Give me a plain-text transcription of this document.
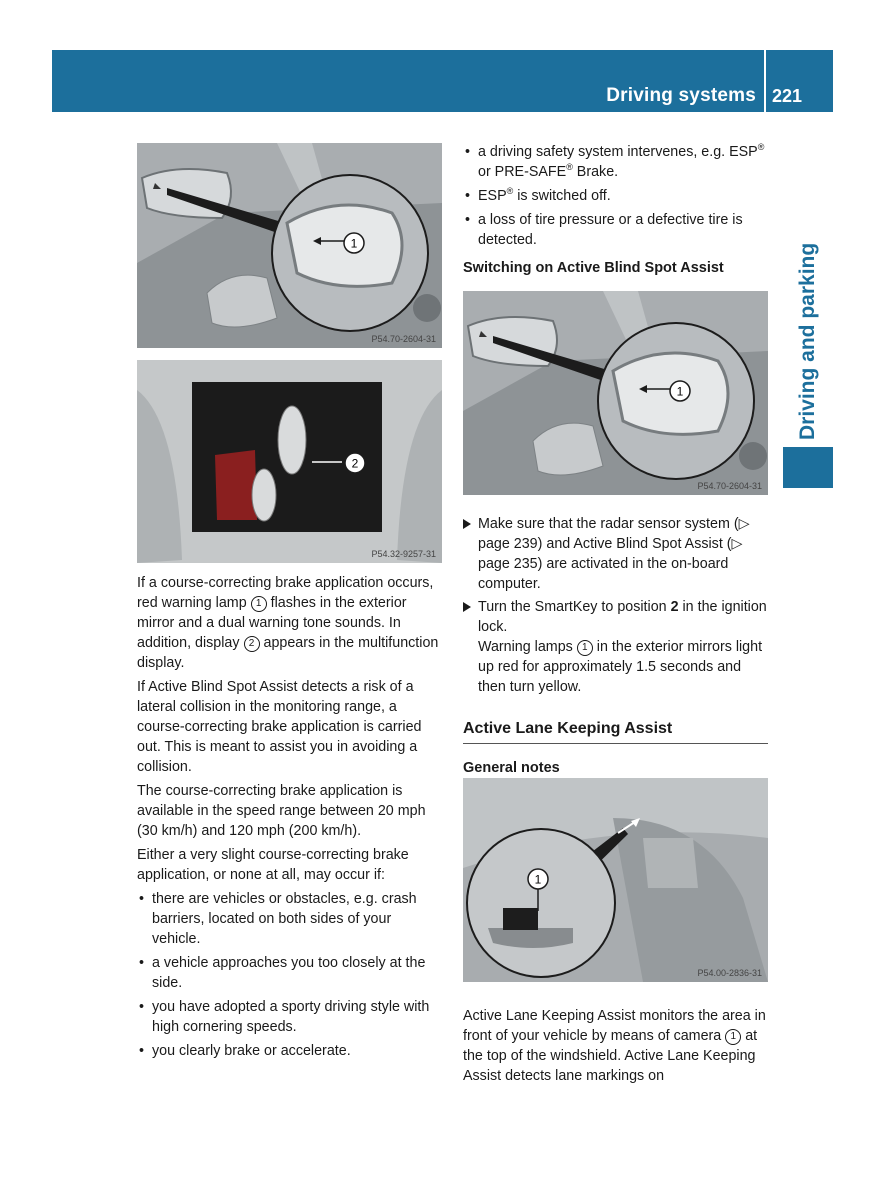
Driving systems 221
Driving and parking
1
P54.70-2604-31
2
P54.32-9257-31
1
P54.70-2604-31
1
P54.00-2836-31

If a course-correcting brake application occurs, red warning lamp 1 flashes in the exterior mirror and a dual warning tone sounds. In addition, display 2 appears in the multifunction display.

If Active Blind Spot Assist detects a risk of a lateral collision in the monitoring range, a course-correcting brake application is carried out. This is meant to assist you in avoiding a collision.

The course-correcting brake application is available in the speed range between 20 mph (30 km/h) and 120 mph (200 km/h).

Either a very slight course-correcting brake application, or none at all, may occur if:

• there are vehicles or obstacles, e.g. crash barriers, located on both sides of your vehicle.
• a vehicle approaches you too closely at the side.
• you have adopted a sporty driving style with high cornering speeds.
• you clearly brake or accelerate.
• a driving safety system intervenes, e.g. ESP® or PRE-SAFE® Brake.
• ESP® is switched off.
• a loss of tire pressure or a defective tire is detected.
Switching on Active Blind Spot Assist
Make sure that the radar sensor system (▷ page 239) and Active Blind Spot Assist (▷ page 235) are activated in the on-board computer.
Turn the SmartKey to position 2 in the ignition lock.
Warning lamps 1 in the exterior mirrors light up red for approximately 1.5 seconds and then turn yellow.
Active Lane Keeping Assist
General notes

Active Lane Keeping Assist monitors the area in front of your vehicle by means of camera 1 at the top of the windshield. Active Lane Keeping Assist detects lane markings on
